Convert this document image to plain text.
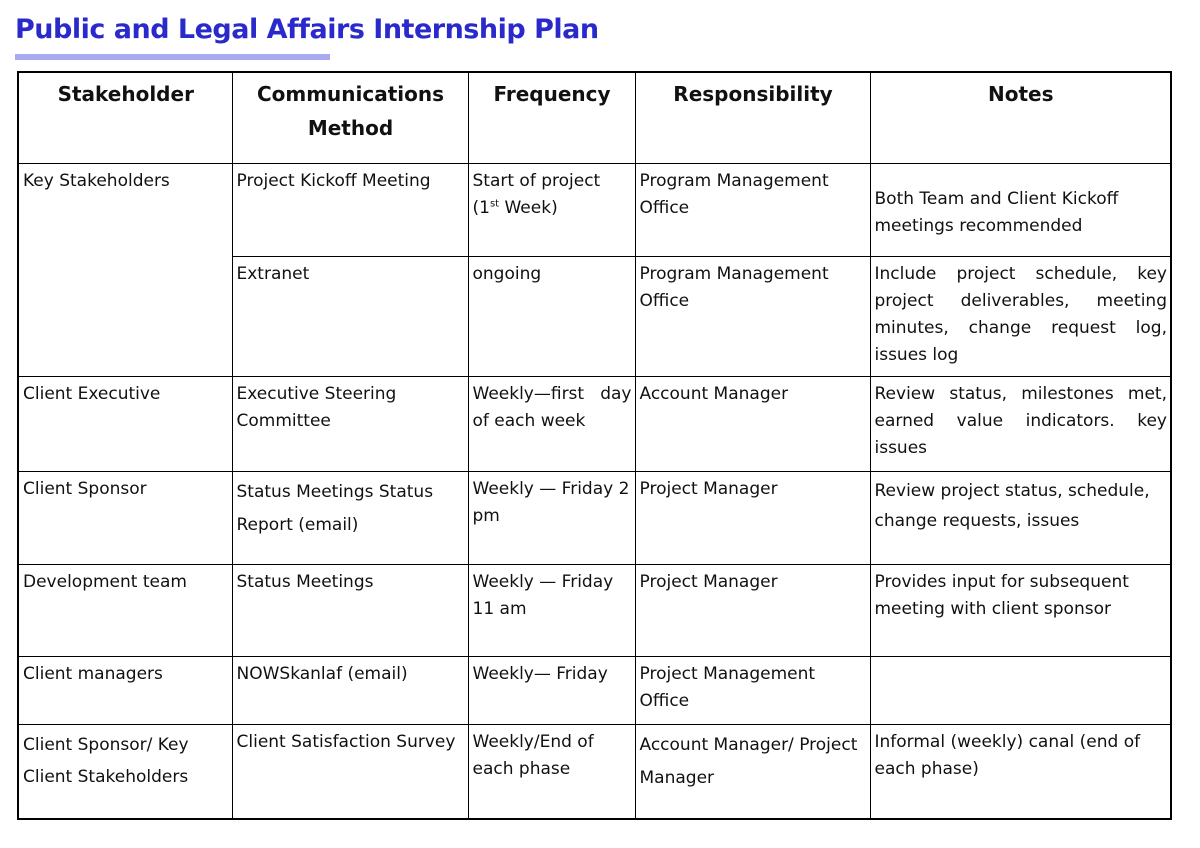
Public and Legal Affairs Internship Plan
Stakeholder	Communications Method	Frequency	Responsibility	Notes
Key Stakeholders	Project Kickoff Meeting	Start of project (1st Week)	Program Management Office	Both Team and Client Kickoff meetings recommended
	Extranet	ongoing	Program Management Office	Include project schedule, key project deliverables, meeting minutes, change request log, issues log
Client Executive	Executive Steering Committee	Weekly—first day of each week	Account Manager	Review status, milestones met, earned value indicators. key issues
Client Sponsor	Status Meetings Status Report (email)	Weekly — Friday 2 pm	Project Manager	Review project status, schedule, change requests, issues
Development team	Status Meetings	Weekly — Friday 11 am	Project Manager	Provides input for subsequent meeting with client sponsor
Client managers	NOWSkanlaf (email)	Weekly— Friday	Project Management Office	
Client Sponsor/ Key Client Stakeholders	Client Satisfaction Survey	Weekly/End of each phase	Account Manager/ Project Manager	Informal (weekly) canal (end of each phase)
